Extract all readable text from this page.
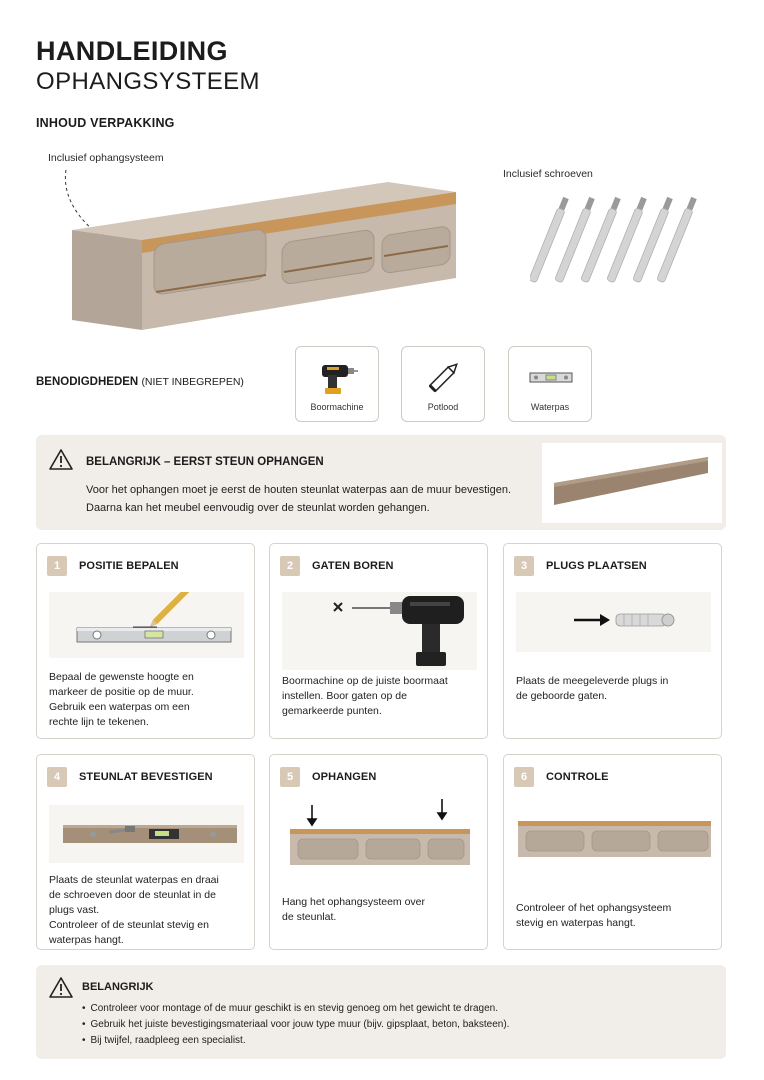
HANDLEIDING
OPHANGSYSTEEM
INHOUD VERPAKKING
Inclusief ophangsysteem
Inclusief schroeven
BENODIGDHEDEN (NIET INBEGREPEN)
Boormachine	Potlood	Waterpas
BELANGRIJK – EERST STEUN OPHANGEN
Voor het ophangen moet je eerst de houten steunlat waterpas aan de muur bevestigen.
Daarna kan het meubel eenvoudig over de steunlat worden gehangen.
1	POSITIE BEPALEN
Bepaal de gewenste hoogte en
markeer de positie op de muur.
Gebruik een waterpas om een
rechte lijn te tekenen.
2	GATEN BOREN
Boormachine op de juiste boormaat
instellen. Boor gaten op de
gemarkeerde punten.
3	PLUGS PLAATSEN
Plaats de meegeleverde plugs in
de geboorde gaten.
4	STEUNLAT BEVESTIGEN
Plaats de steunlat waterpas en draai
de schroeven door de steunlat in de
plugs vast.
Controleer of de steunlat stevig en
waterpas hangt.
5	OPHANGEN
Hang het ophangsysteem over
de steunlat.
6	CONTROLE
Controleer of het ophangsysteem
stevig en waterpas hangt.
BELANGRIJK
• Controleer voor montage of de muur geschikt is en stevig genoeg om het gewicht te dragen.
• Gebruik het juiste bevestigingsmateriaal voor jouw type muur (bijv. gipsplaat, beton, baksteen).
• Bij twijfel, raadpleeg een specialist.
